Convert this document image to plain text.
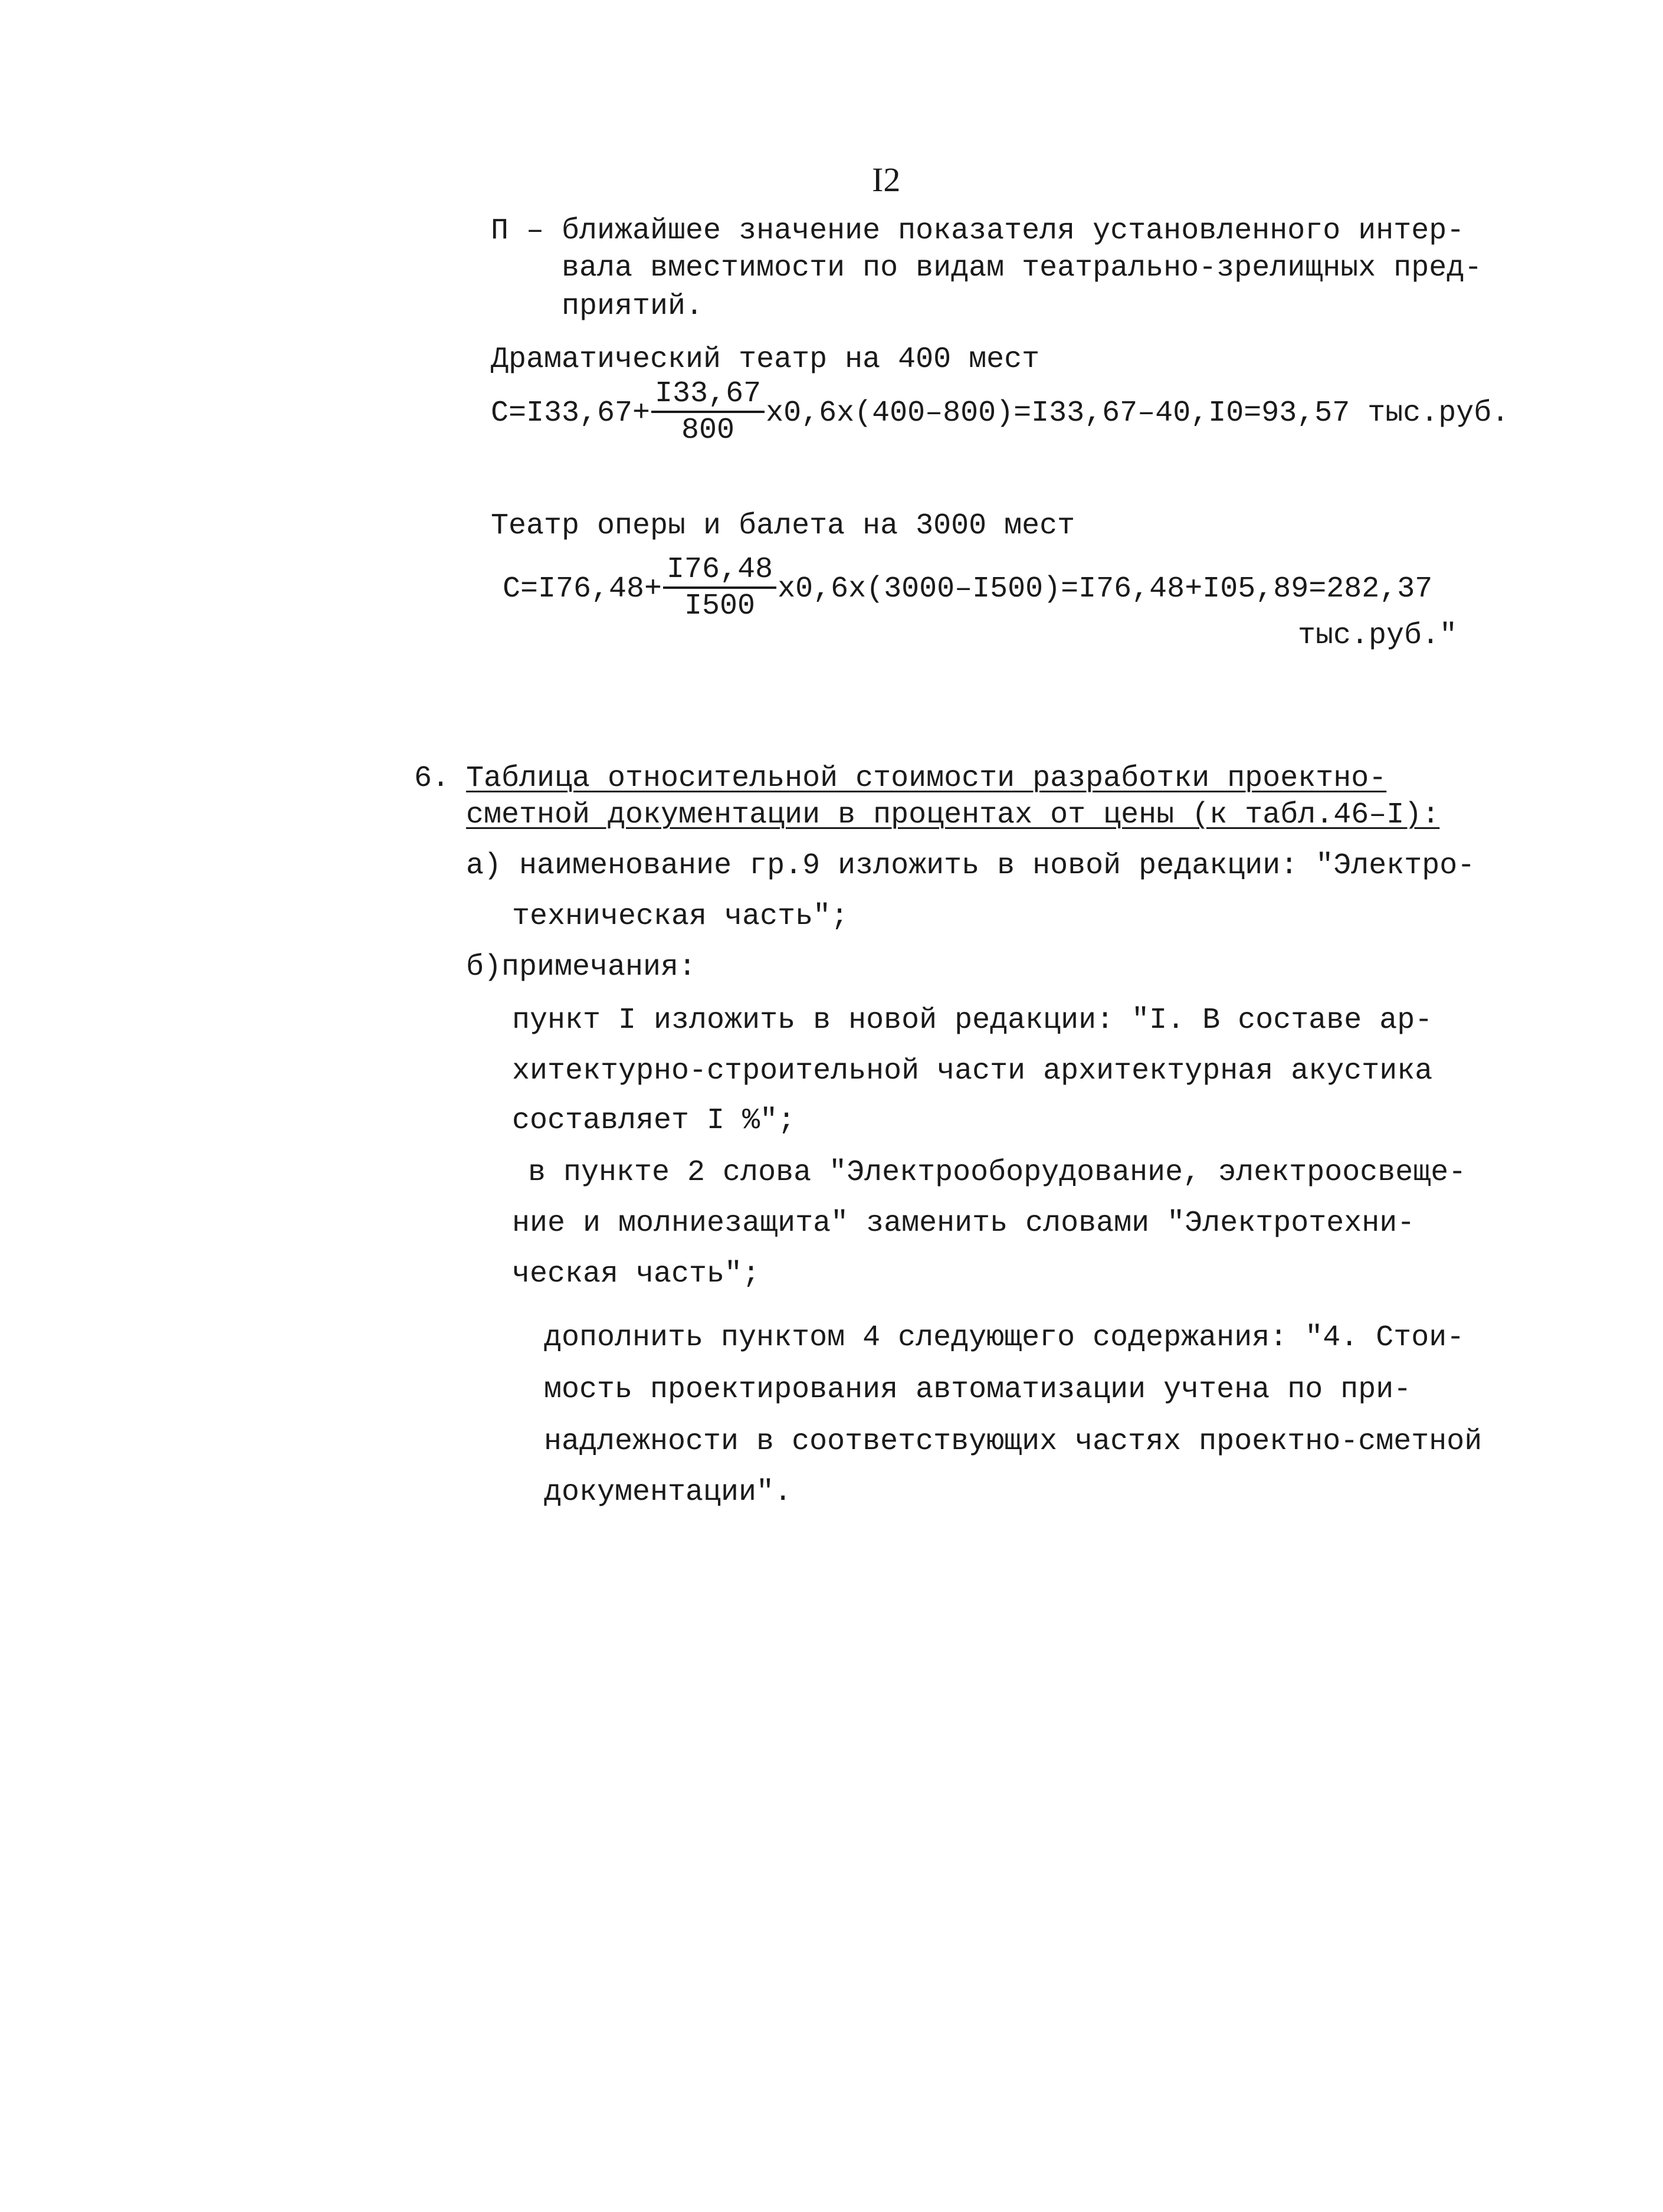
I2
П – ближайшее значение показателя установленного интер-
вала вместимости по видам театрально-зрелищных пред-
приятий.
Драматический театр на 400 мест
$С=I33,67+ \frac{I33,67}{800} х0,6х(400-800)=I33,67-40,I0=93,57$ тыс.руб.
Театр оперы и балета на 3000 мест
$С=I76,48+ \frac{I76,48}{I500} х0,6х(3000-I500)=I76,48+I05,89=282,37$
тыс.руб."
6. Таблица относительной стоимости разработки проектно-
сметной документации в процентах от цены (к табл.46–I):
а) наименование гр.9 изложить в новой редакции: "Электро-
техническая часть";
б)примечания:
пункт I изложить в новой редакции: "I. В составе ар-
хитектурно-строительной части архитектурная акустика
составляет I %";
в пункте 2 слова "Электрооборудование, электроосвеще-
ние и молниезащита" заменить словами "Электротехни-
ческая часть";
дополнить пунктом 4 следующего содержания: "4. Стои-
мость проектирования автоматизации учтена по при-
надлежности в соответствующих частях проектно-сметной
документации".
